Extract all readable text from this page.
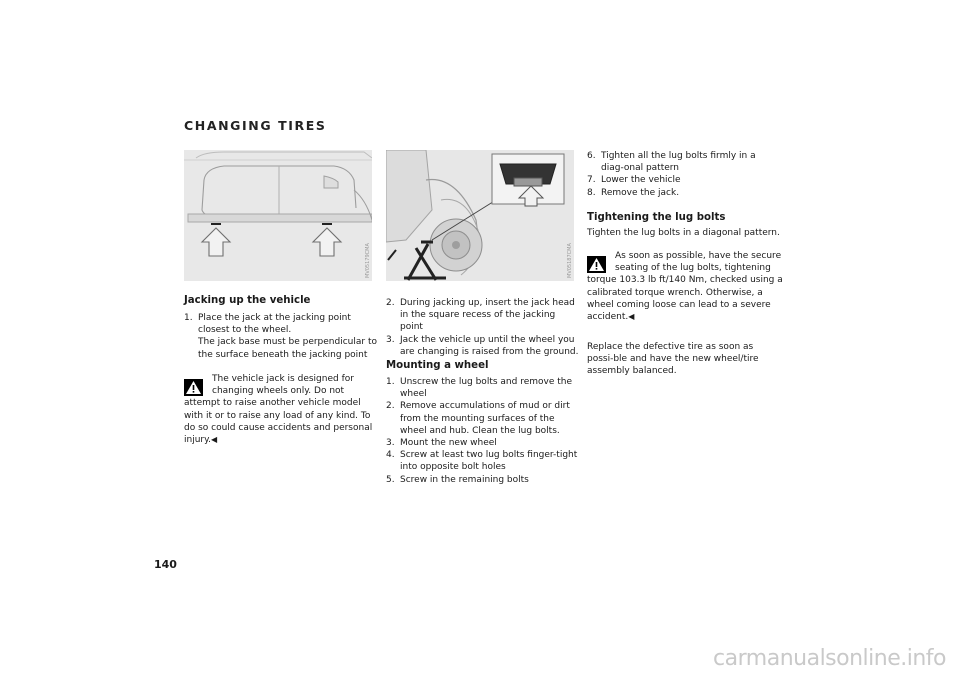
CHANGING TIRES
MV05179CMA	MV05187CMA
Jacking up the vehicle
1. Place the jack at the jacking point closest to the wheel.
The jack base must be perpendicular to the surface beneath the jacking point
The vehicle jack is designed for changing wheels only. Do not
attempt to raise another vehicle model with it or to raise any load of any kind. To do so could cause accidents and personal injury.◀
2. During jacking up, insert the jack head in the square recess of the jacking point
3. Jack the vehicle up until the wheel you are changing is raised from the ground.
Mounting a wheel
1. Unscrew the lug bolts and remove the wheel
2. Remove accumulations of mud or dirt from the mounting surfaces of the wheel and hub. Clean the lug bolts.
3. Mount the new wheel
4. Screw at least two lug bolts finger-tight into opposite bolt holes
5. Screw in the remaining bolts
6. Tighten all the lug bolts firmly in a diag-onal pattern
7. Lower the vehicle
8. Remove the jack.
Tightening the lug bolts
Tighten the lug bolts in a diagonal pattern.
As soon as possible, have the secure seating of the lug bolts, tightening
torque 103.3 lb ft/140 Nm, checked using a calibrated torque wrench. Otherwise, a wheel coming loose can lead to a severe accident.◀
Replace the defective tire as soon as possi-ble and have the new wheel/tire assembly balanced.
140
carmanualsonline.info
